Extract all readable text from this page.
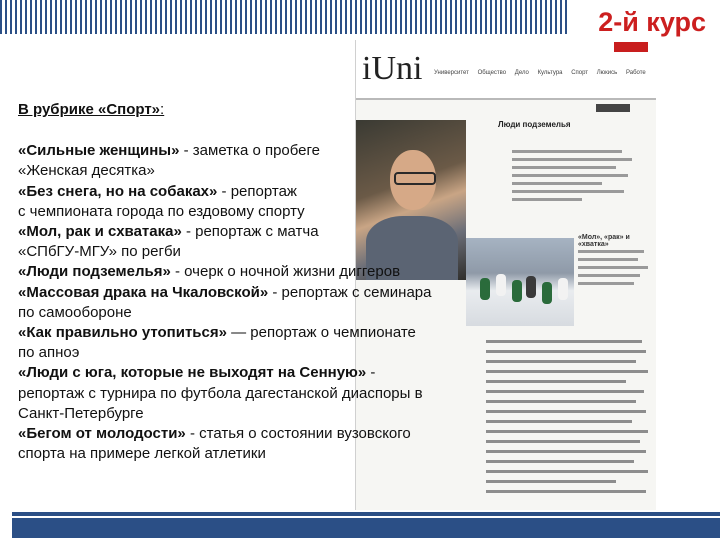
2-й курс
iUni Университет Общество Дело Культура Спорт Люкись Работе
Люди подземелья
«Мол», «рак» и «хватка»

В рубрике «Спорт»:

«Сильные женщины» - заметка о пробеге

«Женская десятка»

«Без снега, но на собаках» - репортаж

с чемпионата города по ездовому спорту

«Мол, рак и схватака» - репортаж с матча

«СПбГУ-МГУ» по регби

«Люди подземелья» - очерк о ночной жизни диггеров

«Массовая драка на Чкаловской» - репортаж с семинара

по самообороне

«Как правильно утопиться» — репортаж о чемпионате

по апноэ

«Люди с юга, которые не выходят на Сенную» -

репортаж с турнира по футбола дагестанской диаспоры в

Санкт-Петербурге

«Бегом от молодости» - статья о состоянии вузовского

спорта на примере легкой атлетики
